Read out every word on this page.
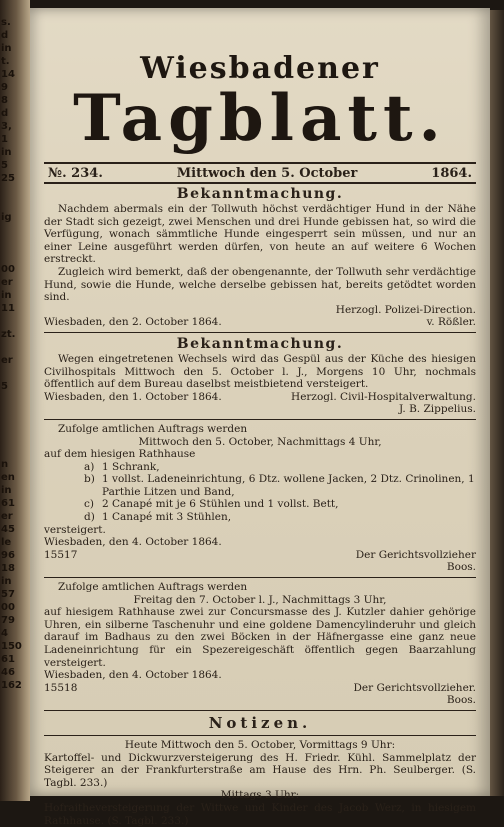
s.
d
in
t.
14
9
8
d
3,
1
in
5
25

ig

00
er
in
11

zt.

er

5

n
en
in
61
er
45
le
96
18
in
57
00
79
4
150
61
46
162
Wiesbadener
Tagblatt.
№. 234.	Mittwoch den 5. October	1864.
Bekanntmachung.
Nachdem abermals ein der Tollwuth höchst verdächtiger Hund in der Nähe der Stadt sich gezeigt, zwei Menschen und drei Hunde gebissen hat, so wird die Verfügung, wonach sämmtliche Hunde eingesperrt sein müssen, und nur an einer Leine ausgeführt werden dürfen, von heute an auf weitere 6 Wochen erstreckt.
Zugleich wird bemerkt, daß der obengenannte, der Tollwuth sehr verdächtige Hund, sowie die Hunde, welche derselbe gebissen hat, bereits getödtet worden sind.
Herzogl. Polizei-Direction.
Wiesbaden, den 2. October 1864.	v. Rößler.
Bekanntmachung.
Wegen eingetretenen Wechsels wird das Gespül aus der Küche des hiesigen Civilhospitals Mittwoch den 5. October l. J., Morgens 10 Uhr, nochmals öffentlich auf dem Bureau daselbst meistbietend versteigert.
Wiesbaden, den 1. October 1864.	Herzogl. Civil-Hospitalverwaltung.
J. B. Zippelius.
Zufolge amtlichen Auftrags werden
Mittwoch den 5. October, Nachmittags 4 Uhr,
auf dem hiesigen Rathhause
a) 1 Schrank,
b) 1 vollst. Ladeneinrichtung, 6 Dtz. wollene Jacken, 2 Dtz. Crinolinen, 1 Parthie Litzen und Band,
c) 2 Canapé mit je 6 Stühlen und 1 vollst. Bett,
d) 1 Canapé mit 3 Stühlen,
versteigert.
Wiesbaden, den 4. October 1864.
15517	Der Gerichtsvollzieher
Boos.
Zufolge amtlichen Auftrags werden
Freitag den 7. October l. J., Nachmittags 3 Uhr,
auf hiesigem Rathhause zwei zur Concursmasse des J. Kutzler dahier gehörige Uhren, ein silberne Taschenuhr und eine goldene Damencylinderuhr und gleich darauf im Badhaus zu den zwei Böcken in der Häfnergasse eine ganz neue Ladeneinrichtung für ein Spezereigeschäft öffentlich gegen Baarzahlung versteigert.
Wiesbaden, den 4. October 1864.
15518	Der Gerichtsvollzieher.
Boos.
Notizen.
Heute Mittwoch den 5. October, Vormittags 9 Uhr:
Kartoffel- und Dickwurzversteigerung des H. Friedr. Kühl. Sammelplatz der Steigerer an der Frankfurterstraße am Hause des Hrn. Ph. Seulberger. (S. Tagbl. 233.)
Mittags 3 Uhr:
Hofraitheversteigerung der Wittwe und Kinder des Jacob Werz, in hiesigem Rathhause. (S. Tagbl. 233.)
